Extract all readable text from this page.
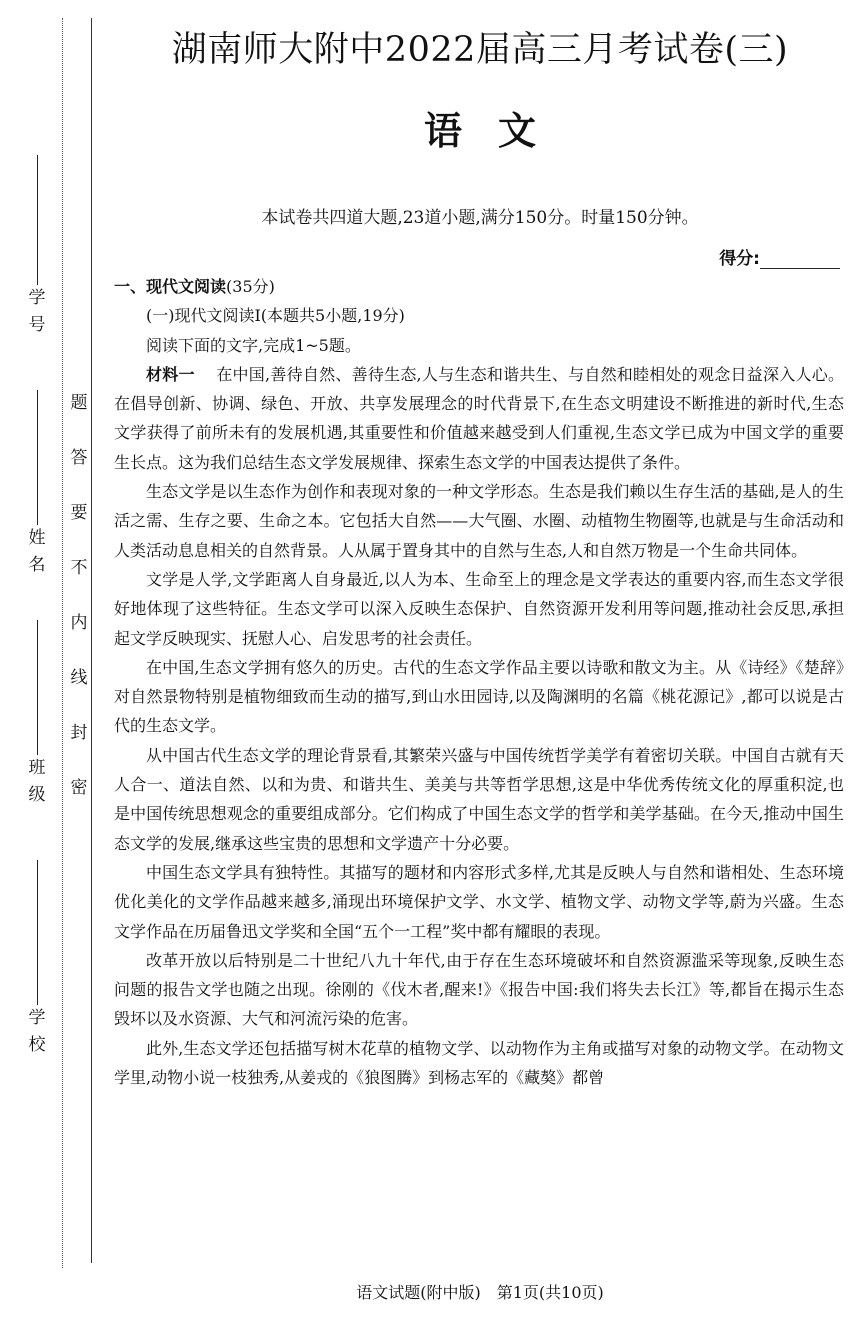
学
号
姓
名
班
级
学
校
题
答
要
不
内
线
封
密
湖南师大附中2022届高三月考试卷(三)
语文
本试卷共四道大题,23道小题,满分150分。时量150分钟。
得分:

一、现代文阅读(35分)

(一)现代文阅读Ⅰ(本题共5小题,19分)

阅读下面的文字,完成1~5题。

材料一　 在中国,善待自然、善待生态,人与生态和谐共生、与自然和睦相处的观念日益深入人心。在倡导创新、协调、绿色、开放、共享发展理念的时代背景下,在生态文明建设不断推进的新时代,生态文学获得了前所未有的发展机遇,其重要性和价值越来越受到人们重视,生态文学已成为中国文学的重要生长点。这为我们总结生态文学发展规律、探索生态文学的中国表达提供了条件。

生态文学是以生态作为创作和表现对象的一种文学形态。生态是我们赖以生存生活的基础,是人的生活之需、生存之要、生命之本。它包括大自然——大气圈、水圈、动植物生物圈等,也就是与生命活动和人类活动息息相关的自然背景。人从属于置身其中的自然与生态,人和自然万物是一个生命共同体。

文学是人学,文学距离人自身最近,以人为本、生命至上的理念是文学表达的重要内容,而生态文学很好地体现了这些特征。生态文学可以深入反映生态保护、自然资源开发利用等问题,推动社会反思,承担起文学反映现实、抚慰人心、启发思考的社会责任。

在中国,生态文学拥有悠久的历史。古代的生态文学作品主要以诗歌和散文为主。从《诗经》《楚辞》对自然景物特别是植物细致而生动的描写,到山水田园诗,以及陶渊明的名篇《桃花源记》,都可以说是古代的生态文学。

从中国古代生态文学的理论背景看,其繁荣兴盛与中国传统哲学美学有着密切关联。中国自古就有天人合一、道法自然、以和为贵、和谐共生、美美与共等哲学思想,这是中华优秀传统文化的厚重积淀,也是中国传统思想观念的重要组成部分。它们构成了中国生态文学的哲学和美学基础。在今天,推动中国生态文学的发展,继承这些宝贵的思想和文学遗产十分必要。

中国生态文学具有独特性。其描写的题材和内容形式多样,尤其是反映人与自然和谐相处、生态环境优化美化的文学作品越来越多,涌现出环境保护文学、水文学、植物文学、动物文学等,蔚为兴盛。生态文学作品在历届鲁迅文学奖和全国“五个一工程”奖中都有耀眼的表现。

改革开放以后特别是二十世纪八九十年代,由于存在生态环境破坏和自然资源滥采等现象,反映生态问题的报告文学也随之出现。徐刚的《伐木者,醒来!》《报告中国:我们将失去长江》等,都旨在揭示生态毁坏以及水资源、大气和河流污染的危害。

此外,生态文学还包括描写树木花草的植物文学、以动物作为主角或描写对象的动物文学。在动物文学里,动物小说一枝独秀,从姜戎的《狼图腾》到杨志军的《藏獒》都曾

语文试题(附中版)　第1页(共10页)
